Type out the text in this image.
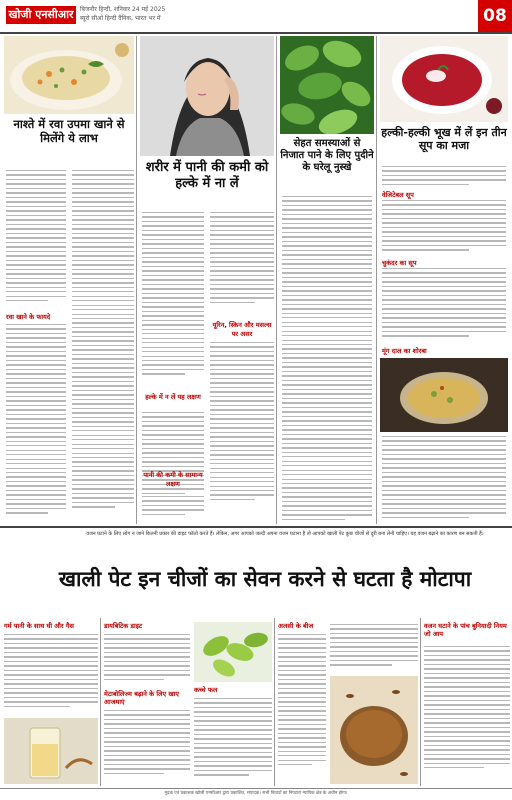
खोजी एनसीआर	बिजनौर हिन्दी, शनिवार 24 मई 2025
ब्यूरो सीओ हिन्दी दैनिक, भारत भर में	08
नाश्ते में रवा उपमा खाने से मिलेंगे ये लाभ
रवा खाने के फायदे
शरीर में पानी की कमी को हल्के में ना लें
हल्के में न लें यह लक्षण
पानी की कमी के सामान्य लक्षण
यूरिन, स्किन और मसल्स पर असर
सेहत समस्याओं से निजात पाने के लिए पुदीने के घरेलू नुस्खे
हल्की-हल्की भूख में लें इन तीन सूप का मजा
वेजिटेबल सूप
चुकंदर का सूप
मूंग दाल का शोरबा
वजन घटाने के लिए लोग न जाने कितनी प्रकार की डाइट फॉलो करते हैं। लेकिन, अगर आपको जल्दी अपना वजन घटाना है तो आपको खाली पेट कुछ चीजों से दूरी बना लेनी चाहिए। यह वजन बढ़ाने का कारण बन सकती हैं।
खाली पेट इन चीजों का सेवन करने से घटता है मोटापा
गर्म पानी के साथ घी और गैस	डायबिटिक डाइट
मेटाबोलिज्म बढ़ाने के लिए खाए आजमाएं
कच्चे फल
अलसी के बीज	वजन घटाने के पांच बुनियादी नियम जो आप
मुद्रक एवं प्रकाशक खोजी एनसीआर द्वारा प्रकाशित, संपादक। सभी विवादों का निपटारा न्यायिक क्षेत्र के अधीन होगा।
